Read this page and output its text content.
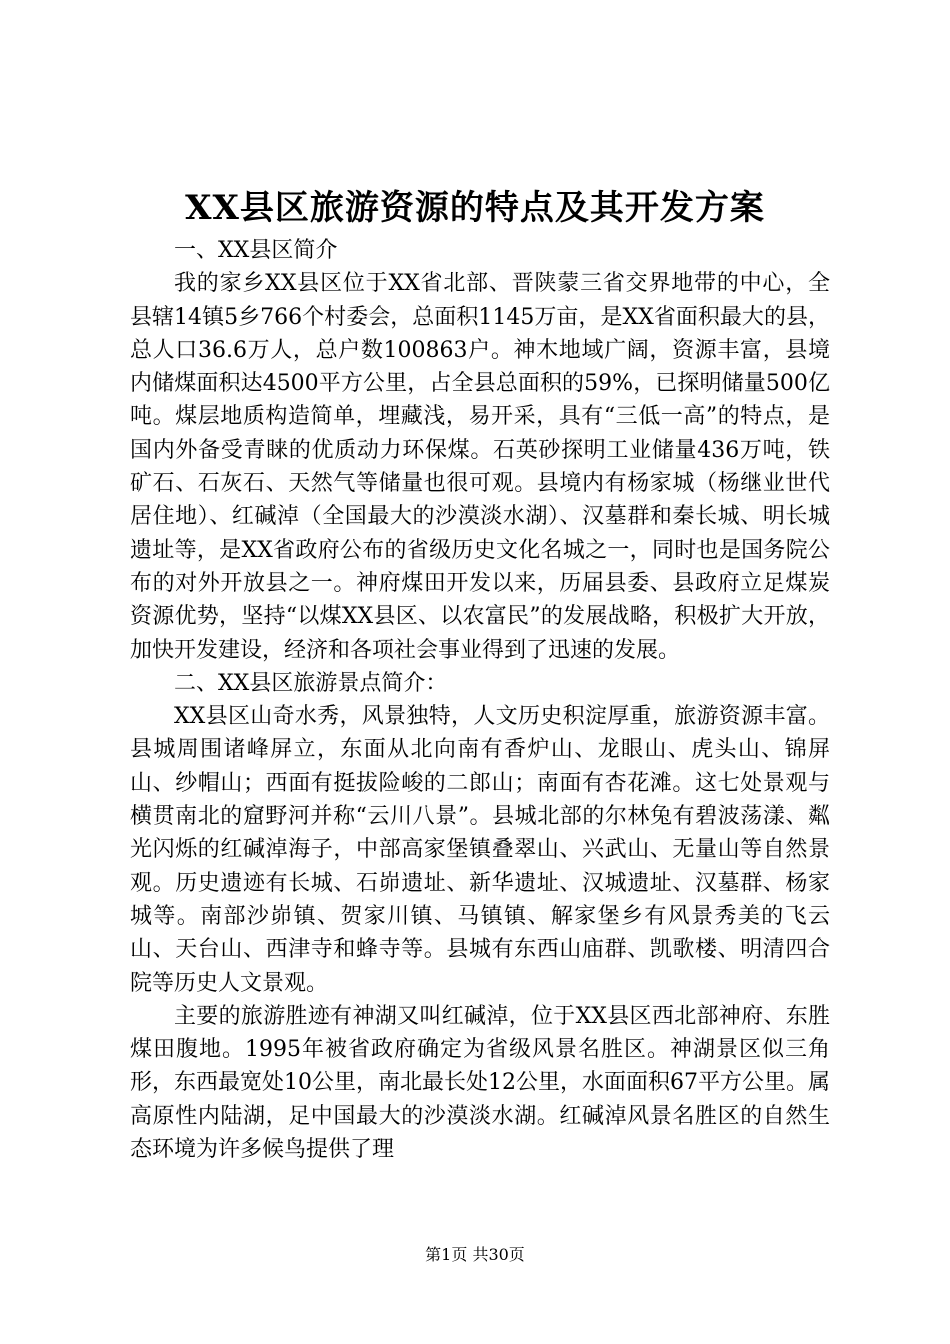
XX县区旅游资源的特点及其开发方案

一、XX县区简介

我的家乡XX县区位于XX省北部、晋陕蒙三省交界地带的中心，全县辖14镇5乡766个村委会，总面积1145万亩，是XX省面积最大的县，总人口36.6万人，总户数100863户。神木地域广阔，资源丰富，县境内储煤面积达4500平方公里，占全县总面积的59%，已探明储量500亿吨。煤层地质构造简单，埋藏浅，易开采，具有“三低一高”的特点，是国内外备受青睐的优质动力环保煤。石英砂探明工业储量436万吨，铁矿石、石灰石、天然气等储量也很可观。县境内有杨家城（杨继业世代居住地）、红碱淖（全国最大的沙漠淡水湖）、汉墓群和秦长城、明长城遗址等，是XX省政府公布的省级历史文化名城之一，同时也是国务院公布的对外开放县之一。神府煤田开发以来，历届县委、县政府立足煤炭资源优势，坚持“以煤XX县区、以农富民”的发展战略，积极扩大开放，加快开发建设，经济和各项社会事业得到了迅速的发展。

二、XX县区旅游景点简介：

XX县区山奇水秀，风景独特，人文历史积淀厚重，旅游资源丰富。县城周围诸峰屏立，东面从北向南有香炉山、龙眼山、虎头山、锦屏山、纱帽山；西面有挺拔险峻的二郎山；南面有杏花滩。这七处景观与横贯南北的窟野河并称“云川八景”。县城北部的尔林兔有碧波荡漾、粼光闪烁的红碱淖海子，中部高家堡镇叠翠山、兴武山、无量山等自然景观。历史遗迹有长城、石峁遗址、新华遗址、汉城遗址、汉墓群、杨家城等。南部沙峁镇、贺家川镇、马镇镇、解家堡乡有风景秀美的飞云山、天台山、西津寺和蜂寺等。县城有东西山庙群、凯歌楼、明清四合院等历史人文景观。

主要的旅游胜迹有神湖又叫红碱淖，位于XX县区西北部神府、东胜煤田腹地。1995年被省政府确定为省级风景名胜区。神湖景区似三角形，东西最宽处10公里，南北最长处12公里，水面面积67平方公里。属高原性内陆湖，足中国最大的沙漠淡水湖。红碱淖风景名胜区的自然生态环境为许多候鸟提供了理

第1页 共30页
